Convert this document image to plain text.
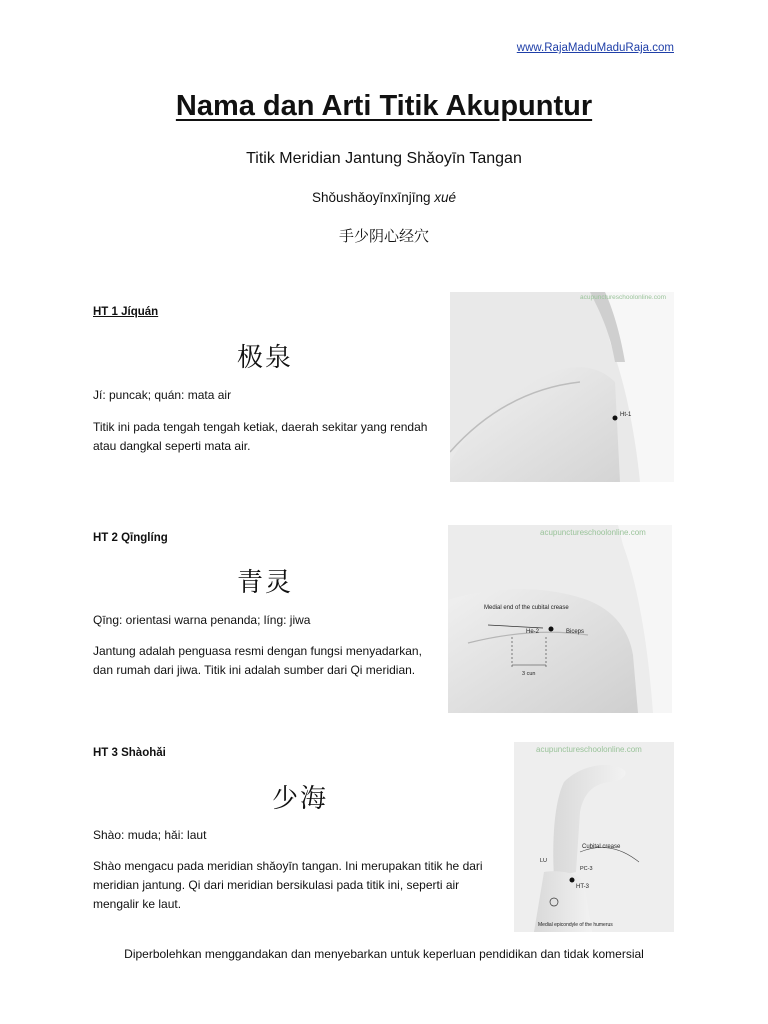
www.RajaMaduMaduRaja.com
Nama dan Arti Titik Akupuntur
Titik Meridian Jantung Shǎoyīn Tangan
Shǒushǎoyīnxīnjīng xué
手少阴心经穴
HT 1 Jíquán
极泉
Jí: puncak; quán: mata air
Titik ini pada tengah tengah ketiak, daerah sekitar yang rendah atau dangkal seperti mata air.
Ht-1
acupunctureschoolonline.com
HT 2 Qīnglíng
青灵
Qīng: orientasi warna penanda; líng: jiwa
Jantung adalah penguasa resmi dengan fungsi menyadarkan, dan rumah dari jiwa. Titik ini adalah sumber dari Qi meridian.
He-2	Biceps
Medial end of the cubital crease
3 cun
acupunctureschoolonline.com
HT 3 Shàohǎi
少海
Shào: muda; hǎi: laut
Shào mengacu pada meridian shǎoyīn tangan. Ini merupakan titik he dari meridian jantung. Qi dari meridian bersikulasi pada titik ini, seperti air mengalir ke laut.
HT-3
PC-3
LU
Cubital crease
Medial epicondyle of the humerus
acupunctureschoolonline.com
Diperbolehkan menggandakan dan menyebarkan untuk keperluan pendidikan dan tidak komersial
